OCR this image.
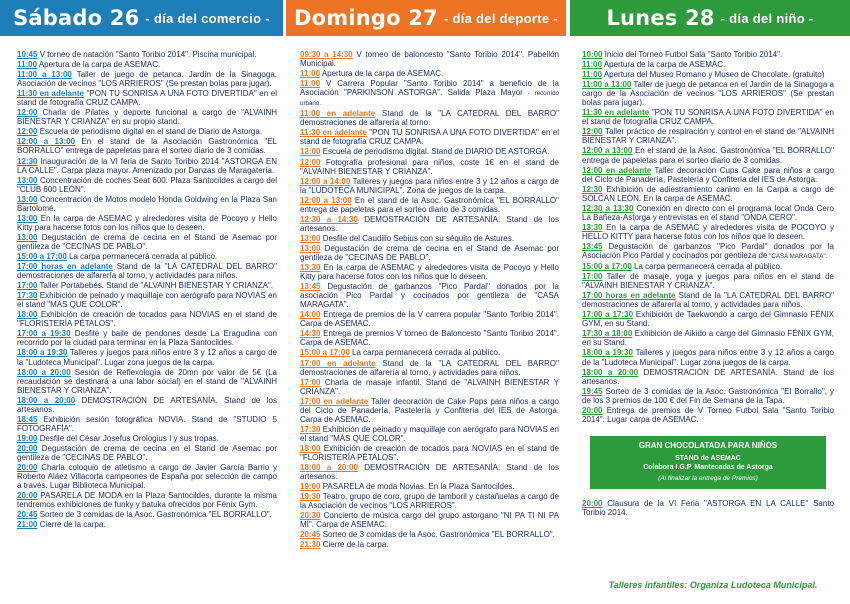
Sábado 26 - día del comercio - Domingo 27 - día del deporte - Lunes 28 - día del niño -

10:45 V torneo de natación "Santo Toribio 2014". Piscina municipal.

11:00 Apertura de la carpa de ASEMAC.

11:00 a 13:00 Taller de juego de petanca. Jardín de la Sinagoga. Asociación de vecinos "LOS ARRIEROS" (Se prestan bolas para jugar).

11:30 en adelante "PON TU SONRISA A UNA FOTO DIVERTIDA" en el stand de fotografía CRUZ CAMPA.

12:00 Charla de Pilates y deporte funcional a cargo de "ALVAINH BIENESTAR Y CRIANZA" en su propio stand.

12:00 Escuela de periodismo digital en el stand de Diario de Astorga.

12:00 a 13:00 En el stand de la Asociación Gastronómica "EL BORRALLO" entrega de papeletas para el sorteo diario de 3 comidas.

12:30 Inauguración de la VI feria de Santo Toribio 2014 "ASTORGA EN LA CALLE". Carpa plaza mayor. Amenizado por Danzas de Maragatería.

13:00 Concentración de coches Seat 600. Plaza Santocildes a cargo del "CLUB 600 LEÓN".

13:00 Concentración de Motos modelo Honda Goldwing en la Plaza San Bartolomé.

13:00 En la carpa de ASEMAC y alrededores visita de Pocoyo y Hello Kitty para hacerse fotos con los niños que lo deseen.

13:00 Degustación de crema de cecina en el Stand de Asemac por gentileza de "CECINAS DE PABLO".

15:00 a 17:00 La carpa permanecerá cerrada al público.

17:00 horas en adelante Stand de la "LA CATEDRAL DEL BARRO" demostraciones de alfarería al torno, y actividades para niños.

17:00 Taller Portabebés. Stand de "ALVAINH BIENESTAR Y CRIANZA".

17:30 Exhibición de peinado y maquillaje con aerógrafo para NOVIAS en el stand "MÁS QUE COLOR".

18:00 Exhibición de creación de tocados para NOVIAS en el stand de "FLORISTERÍA PÉTALOS".

17:00 a 19:30 Desfile y baile de pendones desde La Eragudina con recorrido por la ciudad para terminar en la Plaza Santocildes.

18:00 a 19:30 Talleres y juegos para niños entre 3 y 12 años a cargo de la "Ludoteca Municipal". Lugar zona juegos de la carpa.

18:00 a 20:00 Sesión de Reflexología de 20mn por valor de 5€ (La recaudación se destinará a una labor social) en el stand de "ALVAINH BIENESTAR Y CRIANZA".

18:00 a 20:00 DEMOSTRACIÓN DE ARTESANÍA. Stand de los artesanos.

18:45 Exhibición sesión fotográfica NOVIA. Stand de "STUDIO 5 FOTOGRAFÍA".

19:00 Desfile del César Josefus Orologius I y sus tropas.

20:00 Degustación de crema de cecina en el Stand de Asemac por gentileza de "CECINAS DE PABLO".

20:00 Charla coloquio de atletismo a cargo de Javier García Barrio y Roberto Aláez Villacorta campeones de España por selección de campo a través. Lugar Biblioteca Municipal.

20:00 PASARELA DE MODA en la Plaza Santocildes, durante la misma tendremos exhibiciones de funky y batuka ofrecidos por Fénix Gym.

20:45 Sorteo de 3 comidas de la Asoc. Gastronómica "EL BORRALLO".

21:00 Cierre de la carpa.

09:30 a 14:30 V torneo de baloncesto "Santo Toribio 2014". Pabellón Municipal.

11:00 Apertura de la carpa de ASEMAC.

11:00 V Carrera Popular "Santo Toribio 2014" a beneficio de la Asociación "PARKINSON ASTORGA". Salida Plaza Mayor - recorrido urbano.

11:00 en adelante Stand de la "LA CATEDRAL DEL BARRO" demostraciones de alfarería al torno.

11:30 en adelante "PON TU SONRISA A UNA FOTO DIVERTIDA" en el stand de fotografía CRUZ CAMPA.

12:00 Escuela de periodismo digital. Stand de DIARIO DE ASTORGA.

12:00 Fotografía profesional para niños, coste 1€ en el stand de "ALVAINH BIENESTAR Y CRIANZA".

12:00 a 14:00 Talleres y juegos para niños entre 3 y 12 años a cargo de la "LUDOTECA MUNICIPAL". Zona de juegos de la carpa.

12:00 a 13:00 En el stand de la Asoc. Gastronómica "EL BORRALLO" entrega de papeletas para el sorteo diario de 3 comidas.

12:30 a 14:30 DEMOSTRACIÓN DE ARTESANÍA. Stand de los artesanos.

13:00 Desfile del Caudillo Sebius con su séquito de Astures.

13:00 Degustación de crema de cecina en el Stand de Asemac por gentileza de "CECINAS DE PABLO".

13:30 En la carpa de ASEMAC y alrededores visita de Pocoyo y Hello Kitty para hacerse fotos con los niños que lo deseen.

13:45 Degustación de garbanzos "Pico Pardal" donados por la asociación Pico Pardal y cocinados por gentileza de "CASA MARAGATA".

14:00 Entrega de premios de la V carrera popular "Santo Toribio 2014". Carpa de ASEMAC.

14:30 Entrega de premios V torneo de Baloncesto "Santo Toribio 2014". Carpa de ASEMAC.

15:00 a 17:00 La carpa permanecerá cerrada al público.

17:00 en adelante Stand de la "LA CATEDRAL DEL BARRO" demostraciones de alfarería al torno, y actividades para niños.

17:00 Charla de masaje infantil. Stand de "ALVAINH BIENESTAR Y CRIANZA".

17:00 en adelante Taller decoración de Cake Pops para niños a cargo del Ciclo de Panadería, Pastelería y Confitería del IES de Astorga. Carpa de ASEMAC.

17:30 Exhibición de peinado y maquillaje con aerógrafo para NOVIAS en el stand "MÁS QUE COLOR".

18:00 Exhibición de creación de tocados para NOVIAS en el stand de "FLORISTERÍA PÉTALOS".

18:00 a 20:00 DEMOSTRACIÓN DE ARTESANÍA. Stand de los artesanos.

19:00 PASARELA de moda Novias. En la Plaza Santocildes.

19:30 Teatro, grupo de coro, grupo de tamboril y castañuelas a cargo de la Asociación de vecinos "LOS ARRIEROS".

20:30 Concierto de música cargo del grupo astorgano "NI PA TI NI PA MÍ". Carpa de ASEMAC.

20:45 Sorteo de 3 comidas de la Asoc. Gastronómica "EL BORRALLO".

21:30 Cierre de la carpa.

10:00 Inicio del Torneo Futbol Sala "Santo Toribio 2014".

11:00 Apertura de la carpa de ASEMAC.

11:00 Apertura del Museo Romano y Museo de Chocolate. (gratuito)

11:00 a 13:00 Taller de juego de petanca en el Jardín de la Sinagoga a cargo de la Asociación de vecinos "LOS ARRIEROS" (Se prestan bolas para jugar).

11:30 en adelante "PON TU SONRISA A UNA FOTO DIVERTIDA" en el stand de fotografía CRUZ CAMPA.

12:00 Taller práctico de respiración y control en el stand de "ALVAINH BIENESTAR Y CRIANZA".

12:00 a 13:00 En el stand de la Asoc. Gastronómica "EL BORRALLO" entrega de papeletas para el sorteo diario de 3 comidas.

12:00 en adelante Taller decoración Cups Cake para niños a cargo del Ciclo de Panadería, Pastelería y Confitería del IES de Astorga.

12:30 Exhibición de adiestramiento canino en la Carpa a cargo de SOLCAN LEÓN. En la carpa de ASEMAC.

12:30 a 13:30 Conexión en directo con el programa local Onda Cero La Bañeza-Astorga y entrevistas en el stand "ONDA CERO".

13:30 En la carpa de ASEMAC y alrededores visita de POCOYO y HELLO KITTY para hacerse fotos con los niños que lo deseen.

13:45 Degustación de garbanzos "Pico Pardal" donados por la Asociación Pico Pardal y cocinados por gentileza de "CASA MARAGATA".

15:00 a 17:00 La carpa permanecerá cerrada al público.

17:00 Taller de masaje, yoga y juegos para niños en el stand de "ALVAINH BIENESTAR Y CRIANZA".

17:00 horas en adelante Stand de la "LA CATEDRAL DEL BARRO" demostraciones de alfarería al torno, y actividades para niños.

17:00 a 17:30 Exhibición de Taekwondo a cargo del Gimnasio FÉNIX GYM, en su Stand.

17:30 a 18:00 Exhibición de Aikido a cargo del Gimnasio FÉNIX GYM, en su Stand.

18:00 a 19:30 Talleres y juegos para niños entre 3 y 12 años a cargo de la "Ludoteca Municipal". Lugar zona juegos de la carpa.

18:00 a 20:00 DEMOSTRACIÓN DE ARTESANÍA. Stand de los artesanos.

19:45 Sorteo de 3 comidas de la Asoc. Gastronómica "El Borrallo", y de los 3 premios de 100 € del Fin de Semana de la Tapa.

20:00 Entrega de premios de V Torneo Futbol Sala "Santo Toribio 2014". Lugar carpa de ASEMAC.

GRAN CHOCOLATADA PARA NIÑOS
STAND de ASEMAC
Colabora I.G.P. Mantecadas de Astorga
(Al finalizar la entrega de Premios)

20:00 Clausura de la VI Feria "ASTORGA EN LA CALLE" Santo Toribio 2014.

Talleres infantiles: Organiza Ludoteca Municipal.
